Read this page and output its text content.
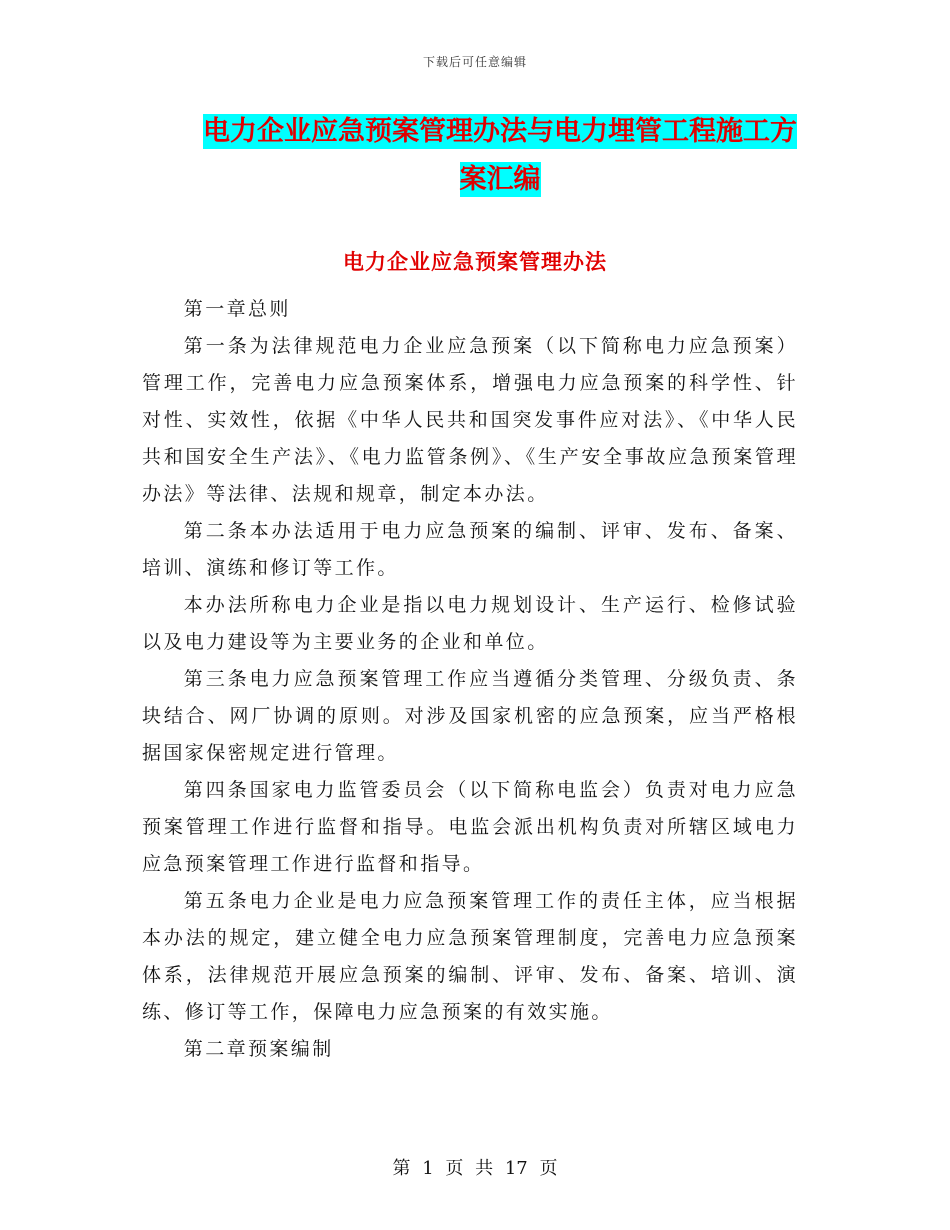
下载后可任意编辑
电力企业应急预案管理办法与电力埋管工程施工方案汇编
电力企业应急预案管理办法

第一章总则

第一条为法律规范电力企业应急预案（以下简称电力应急预案）管理工作，完善电力应急预案体系，增强电力应急预案的科学性、针对性、实效性，依据《中华人民共和国突发事件应对法》、《中华人民共和国安全生产法》、《电力监管条例》、《生产安全事故应急预案管理办法》等法律、法规和规章，制定本办法。

第二条本办法适用于电力应急预案的编制、评审、发布、备案、培训、演练和修订等工作。

本办法所称电力企业是指以电力规划设计、生产运行、检修试验以及电力建设等为主要业务的企业和单位。

第三条电力应急预案管理工作应当遵循分类管理、分级负责、条块结合、网厂协调的原则。对涉及国家机密的应急预案，应当严格根据国家保密规定进行管理。

第四条国家电力监管委员会（以下简称电监会）负责对电力应急预案管理工作进行监督和指导。电监会派出机构负责对所辖区域电力应急预案管理工作进行监督和指导。

第五条电力企业是电力应急预案管理工作的责任主体，应当根据本办法的规定，建立健全电力应急预案管理制度，完善电力应急预案体系，法律规范开展应急预案的编制、评审、发布、备案、培训、演练、修订等工作，保障电力应急预案的有效实施。

第二章预案编制

第 1 页 共 17 页
